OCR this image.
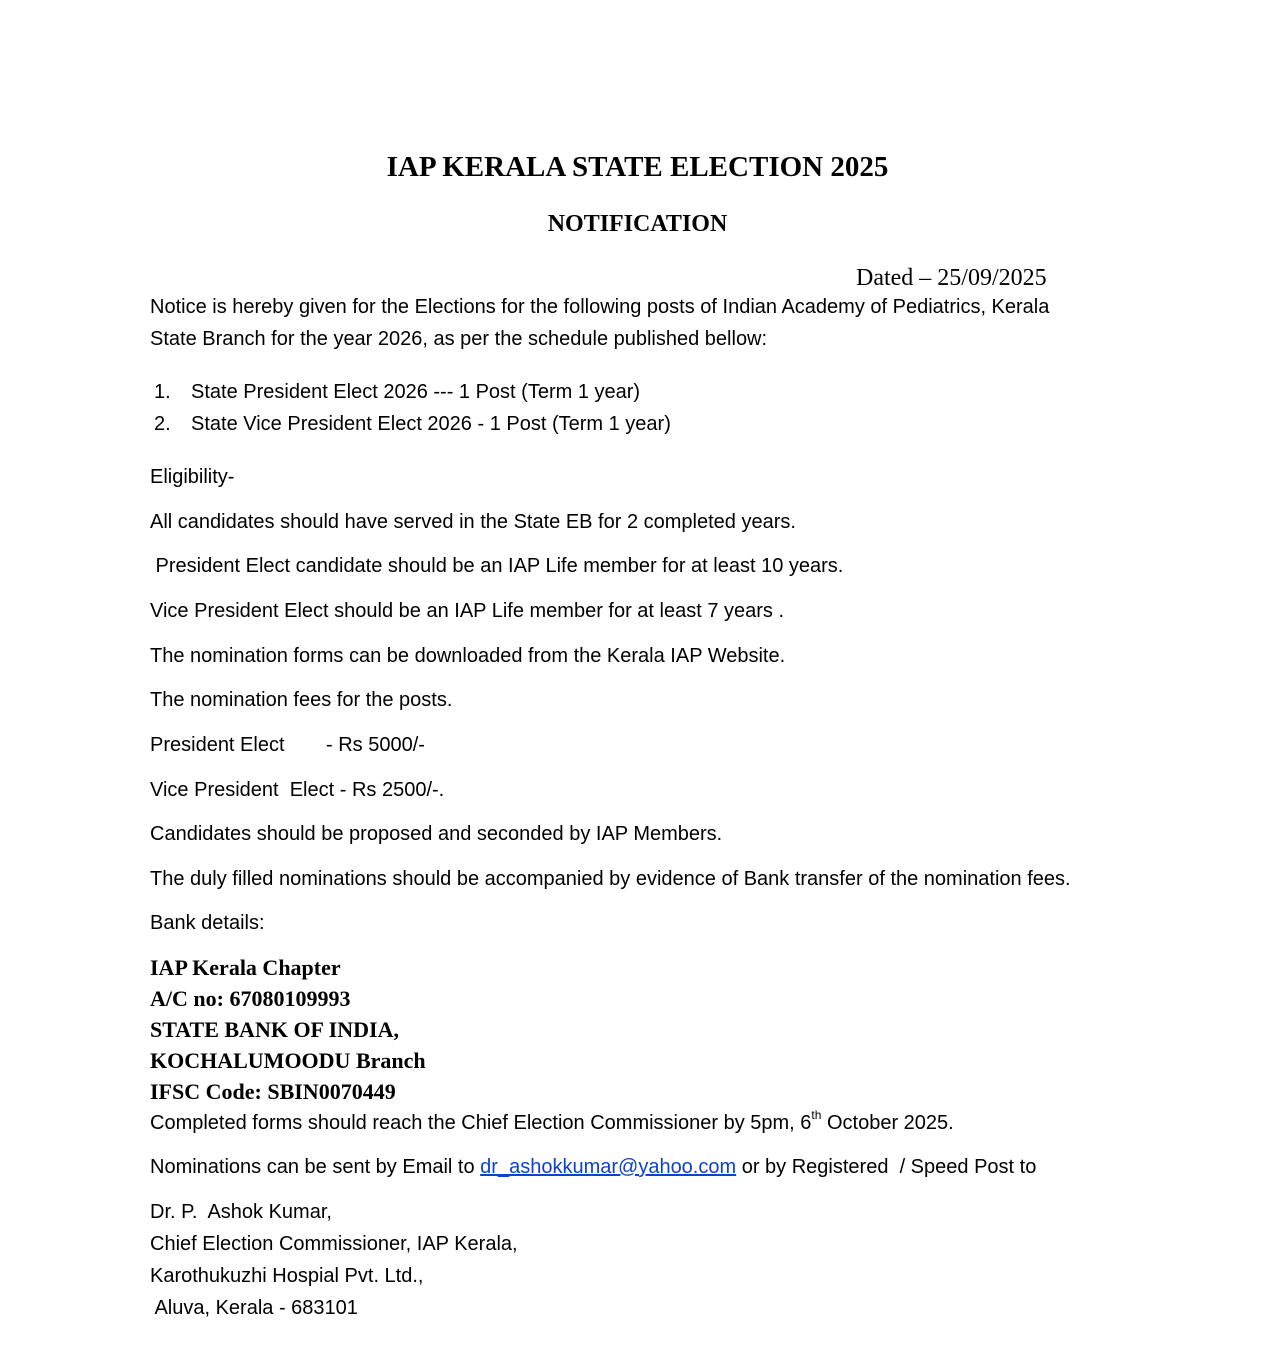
IAP KERALA STATE ELECTION 2025
NOTIFICATION
Dated – 25/09/2025
Notice is hereby given for the Elections for the following posts of Indian Academy of Pediatrics, Kerala
State Branch for the year 2026, as per the schedule published bellow:
1. State President Elect 2026 --- 1 Post (Term 1 year)
2. State Vice President Elect 2026 - 1 Post (Term 1 year)
Eligibility-
All candidates should have served in the State EB for 2 completed years.
President Elect candidate should be an IAP Life member for at least 10 years.
Vice President Elect should be an IAP Life member for at least 7 years .
The nomination forms can be downloaded from the Kerala IAP Website.
The nomination fees for the posts.
President Elect - Rs 5000/-
Vice President  Elect - Rs 2500/-.
Candidates should be proposed and seconded by IAP Members.
The duly filled nominations should be accompanied by evidence of Bank transfer of the nomination fees.
Bank details:
IAP Kerala Chapter
A/C no: 67080109993
STATE BANK OF INDIA,
KOCHALUMOODU Branch
IFSC Code: SBIN0070449
Completed forms should reach the Chief Election Commissioner by 5pm, 6th October 2025.
Nominations can be sent by Email to dr_ashokkumar@yahoo.com or by Registered  / Speed Post to
Dr. P.  Ashok Kumar,
Chief Election Commissioner, IAP Kerala,
Karothukuzhi Hospial Pvt. Ltd.,
Aluva, Kerala - 683101
